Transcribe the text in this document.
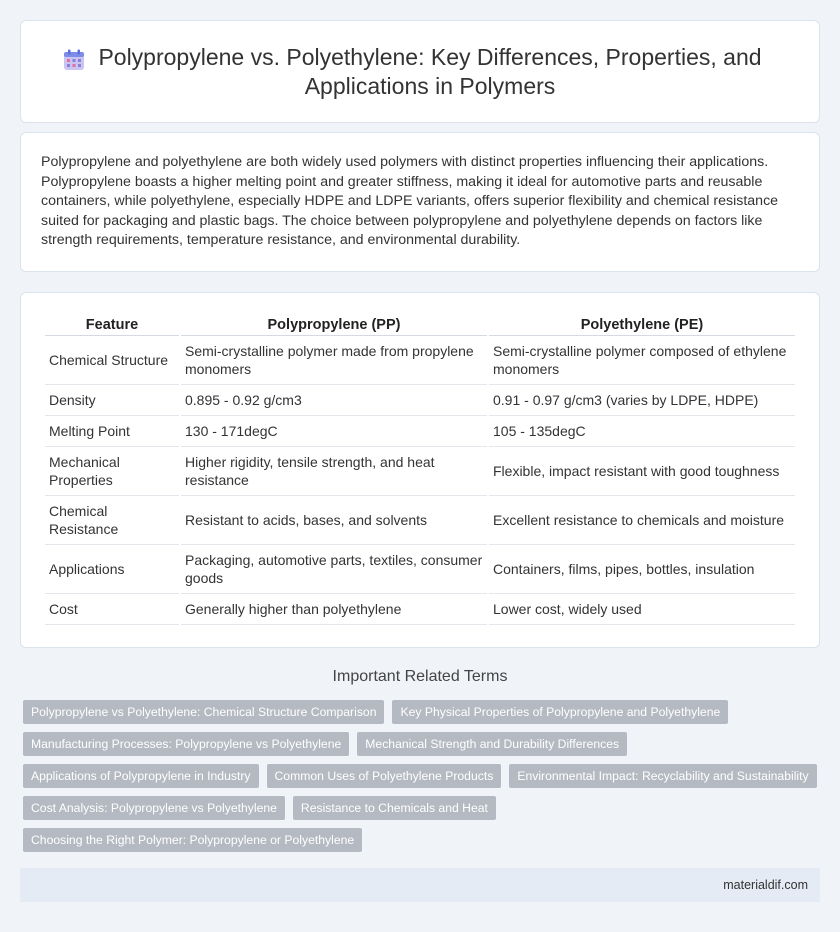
Polypropylene vs. Polyethylene: Key Differences, Properties, and Applications in Polymers

Polypropylene and polyethylene are both widely used polymers with distinct properties influencing their applications. Polypropylene boasts a higher melting point and greater stiffness, making it ideal for automotive parts and reusable containers, while polyethylene, especially HDPE and LDPE variants, offers superior flexibility and chemical resistance suited for packaging and plastic bags. The choice between polypropylene and polyethylene depends on factors like strength requirements, temperature resistance, and environmental durability.

Feature	Polypropylene (PP)	Polyethylene (PE)
Chemical Structure	Semi-crystalline polymer made from propylene monomers	Semi-crystalline polymer composed of ethylene monomers
Density	0.895 - 0.92 g/cm3	0.91 - 0.97 g/cm3 (varies by LDPE, HDPE)
Melting Point	130 - 171degC	105 - 135degC
Mechanical Properties	Higher rigidity, tensile strength, and heat resistance	Flexible, impact resistant with good toughness
Chemical Resistance	Resistant to acids, bases, and solvents	Excellent resistance to chemicals and moisture
Applications	Packaging, automotive parts, textiles, consumer goods	Containers, films, pipes, bottles, insulation
Cost	Generally higher than polyethylene	Lower cost, widely used
Important Related Terms
Polypropylene vs Polyethylene: Chemical Structure Comparison	Key Physical Properties of Polypropylene and Polyethylene
Manufacturing Processes: Polypropylene vs Polyethylene	Mechanical Strength and Durability Differences
Applications of Polypropylene in Industry	Common Uses of Polyethylene Products	Environmental Impact: Recyclability and Sustainability
Cost Analysis: Polypropylene vs Polyethylene	Resistance to Chemicals and Heat
Choosing the Right Polymer: Polypropylene or Polyethylene
materialdif.com
